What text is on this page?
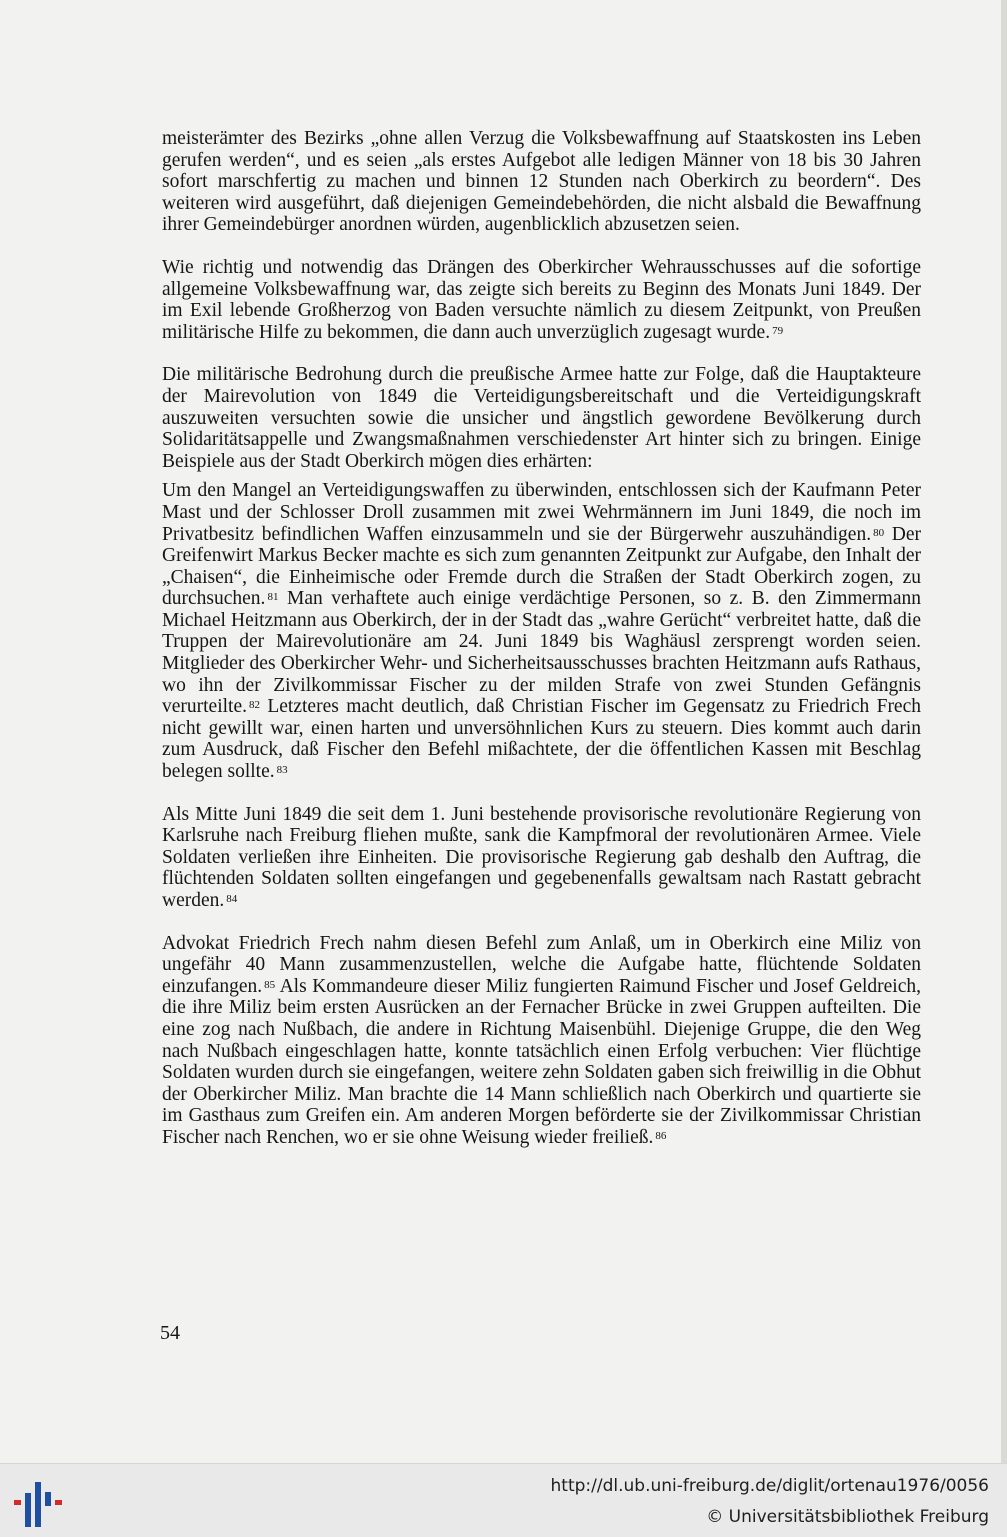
meisterämter des Bezirks „ohne allen Verzug die Volksbewaffnung auf Staatskosten ins Leben gerufen werden“, und es seien „als erstes Aufgebot alle ledigen Männer von 18 bis 30 Jahren sofort marschfertig zu machen und binnen 12 Stunden nach Oberkirch zu beordern“. Des weiteren wird ausgeführt, daß diejenigen Gemeindebehörden, die nicht alsbald die Bewaffnung ihrer Gemeindebürger anordnen würden, augenblicklich abzusetzen seien.

Wie richtig und notwendig das Drängen des Oberkircher Wehrausschusses auf die sofortige allgemeine Volksbewaffnung war, das zeigte sich bereits zu Beginn des Monats Juni 1849. Der im Exil lebende Großherzog von Baden versuchte nämlich zu diesem Zeitpunkt, von Preußen militärische Hilfe zu bekommen, die dann auch unverzüglich zugesagt wurde. $^{79}$

Die militärische Bedrohung durch die preußische Armee hatte zur Folge, daß die Hauptakteure der Mairevolution von 1849 die Verteidigungsbereitschaft und die Verteidigungskraft auszuweiten versuchten sowie die unsicher und ängstlich gewordene Bevölkerung durch Solidaritätsappelle und Zwangsmaßnahmen verschiedenster Art hinter sich zu bringen. Einige Beispiele aus der Stadt Oberkirch mögen dies erhärten:

Um den Mangel an Verteidigungswaffen zu überwinden, entschlossen sich der Kaufmann Peter Mast und der Schlosser Droll zusammen mit zwei Wehrmännern im Juni 1849, die noch im Privatbesitz befindlichen Waffen einzusammeln und sie der Bürgerwehr auszuhändigen. $^{80}$ Der Greifenwirt Markus Becker machte es sich zum genannten Zeitpunkt zur Aufgabe, den Inhalt der „Chaisen“, die Einheimische oder Fremde durch die Straßen der Stadt Oberkirch zogen, zu durchsuchen. $^{81}$ Man verhaftete auch einige verdächtige Personen, so z. B. den Zimmermann Michael Heitzmann aus Oberkirch, der in der Stadt das „wahre Gerücht“ verbreitet hatte, daß die Truppen der Mairevolutionäre am 24. Juni 1849 bis Waghäusl zersprengt worden seien. Mitglieder des Oberkircher Wehr- und Sicherheitsausschusses brachten Heitzmann aufs Rathaus, wo ihn der Zivilkommissar Fischer zu der milden Strafe von zwei Stunden Gefängnis verurteilte. $^{82}$ Letzteres macht deutlich, daß Christian Fischer im Gegensatz zu Friedrich Frech nicht gewillt war, einen harten und unversöhnlichen Kurs zu steuern. Dies kommt auch darin zum Ausdruck, daß Fischer den Befehl mißachtete, der die öffentlichen Kassen mit Beschlag belegen sollte. $^{83}$

Als Mitte Juni 1849 die seit dem 1. Juni bestehende provisorische revolutionäre Regierung von Karlsruhe nach Freiburg fliehen mußte, sank die Kampfmoral der revolutionären Armee. Viele Soldaten verließen ihre Einheiten. Die provisorische Regierung gab deshalb den Auftrag, die flüchtenden Soldaten sollten eingefangen und gegebenenfalls gewaltsam nach Rastatt gebracht werden. $^{84}$

Advokat Friedrich Frech nahm diesen Befehl zum Anlaß, um in Oberkirch eine Miliz von ungefähr 40 Mann zusammenzustellen, welche die Aufgabe hatte, flüchtende Soldaten einzufangen. $^{85}$ Als Kommandeure dieser Miliz fungierten Raimund Fischer und Josef Geldreich, die ihre Miliz beim ersten Ausrücken an der Fernacher Brücke in zwei Gruppen aufteilten. Die eine zog nach Nußbach, die andere in Richtung Maisenbühl. Diejenige Gruppe, die den Weg nach Nußbach eingeschlagen hatte, konnte tatsächlich einen Erfolg verbuchen: Vier flüchtige Soldaten wurden durch sie eingefangen, weitere zehn Soldaten gaben sich freiwillig in die Obhut der Oberkircher Miliz. Man brachte die 14 Mann schließlich nach Oberkirch und quartierte sie im Gasthaus zum Greifen ein. Am anderen Morgen beförderte sie der Zivilkommissar Christian Fischer nach Renchen, wo er sie ohne Weisung wieder freiließ. $^{86}$

54
http://dl.ub.uni-freiburg.de/diglit/ortenau1976/0056
© Universitätsbibliothek Freiburg
